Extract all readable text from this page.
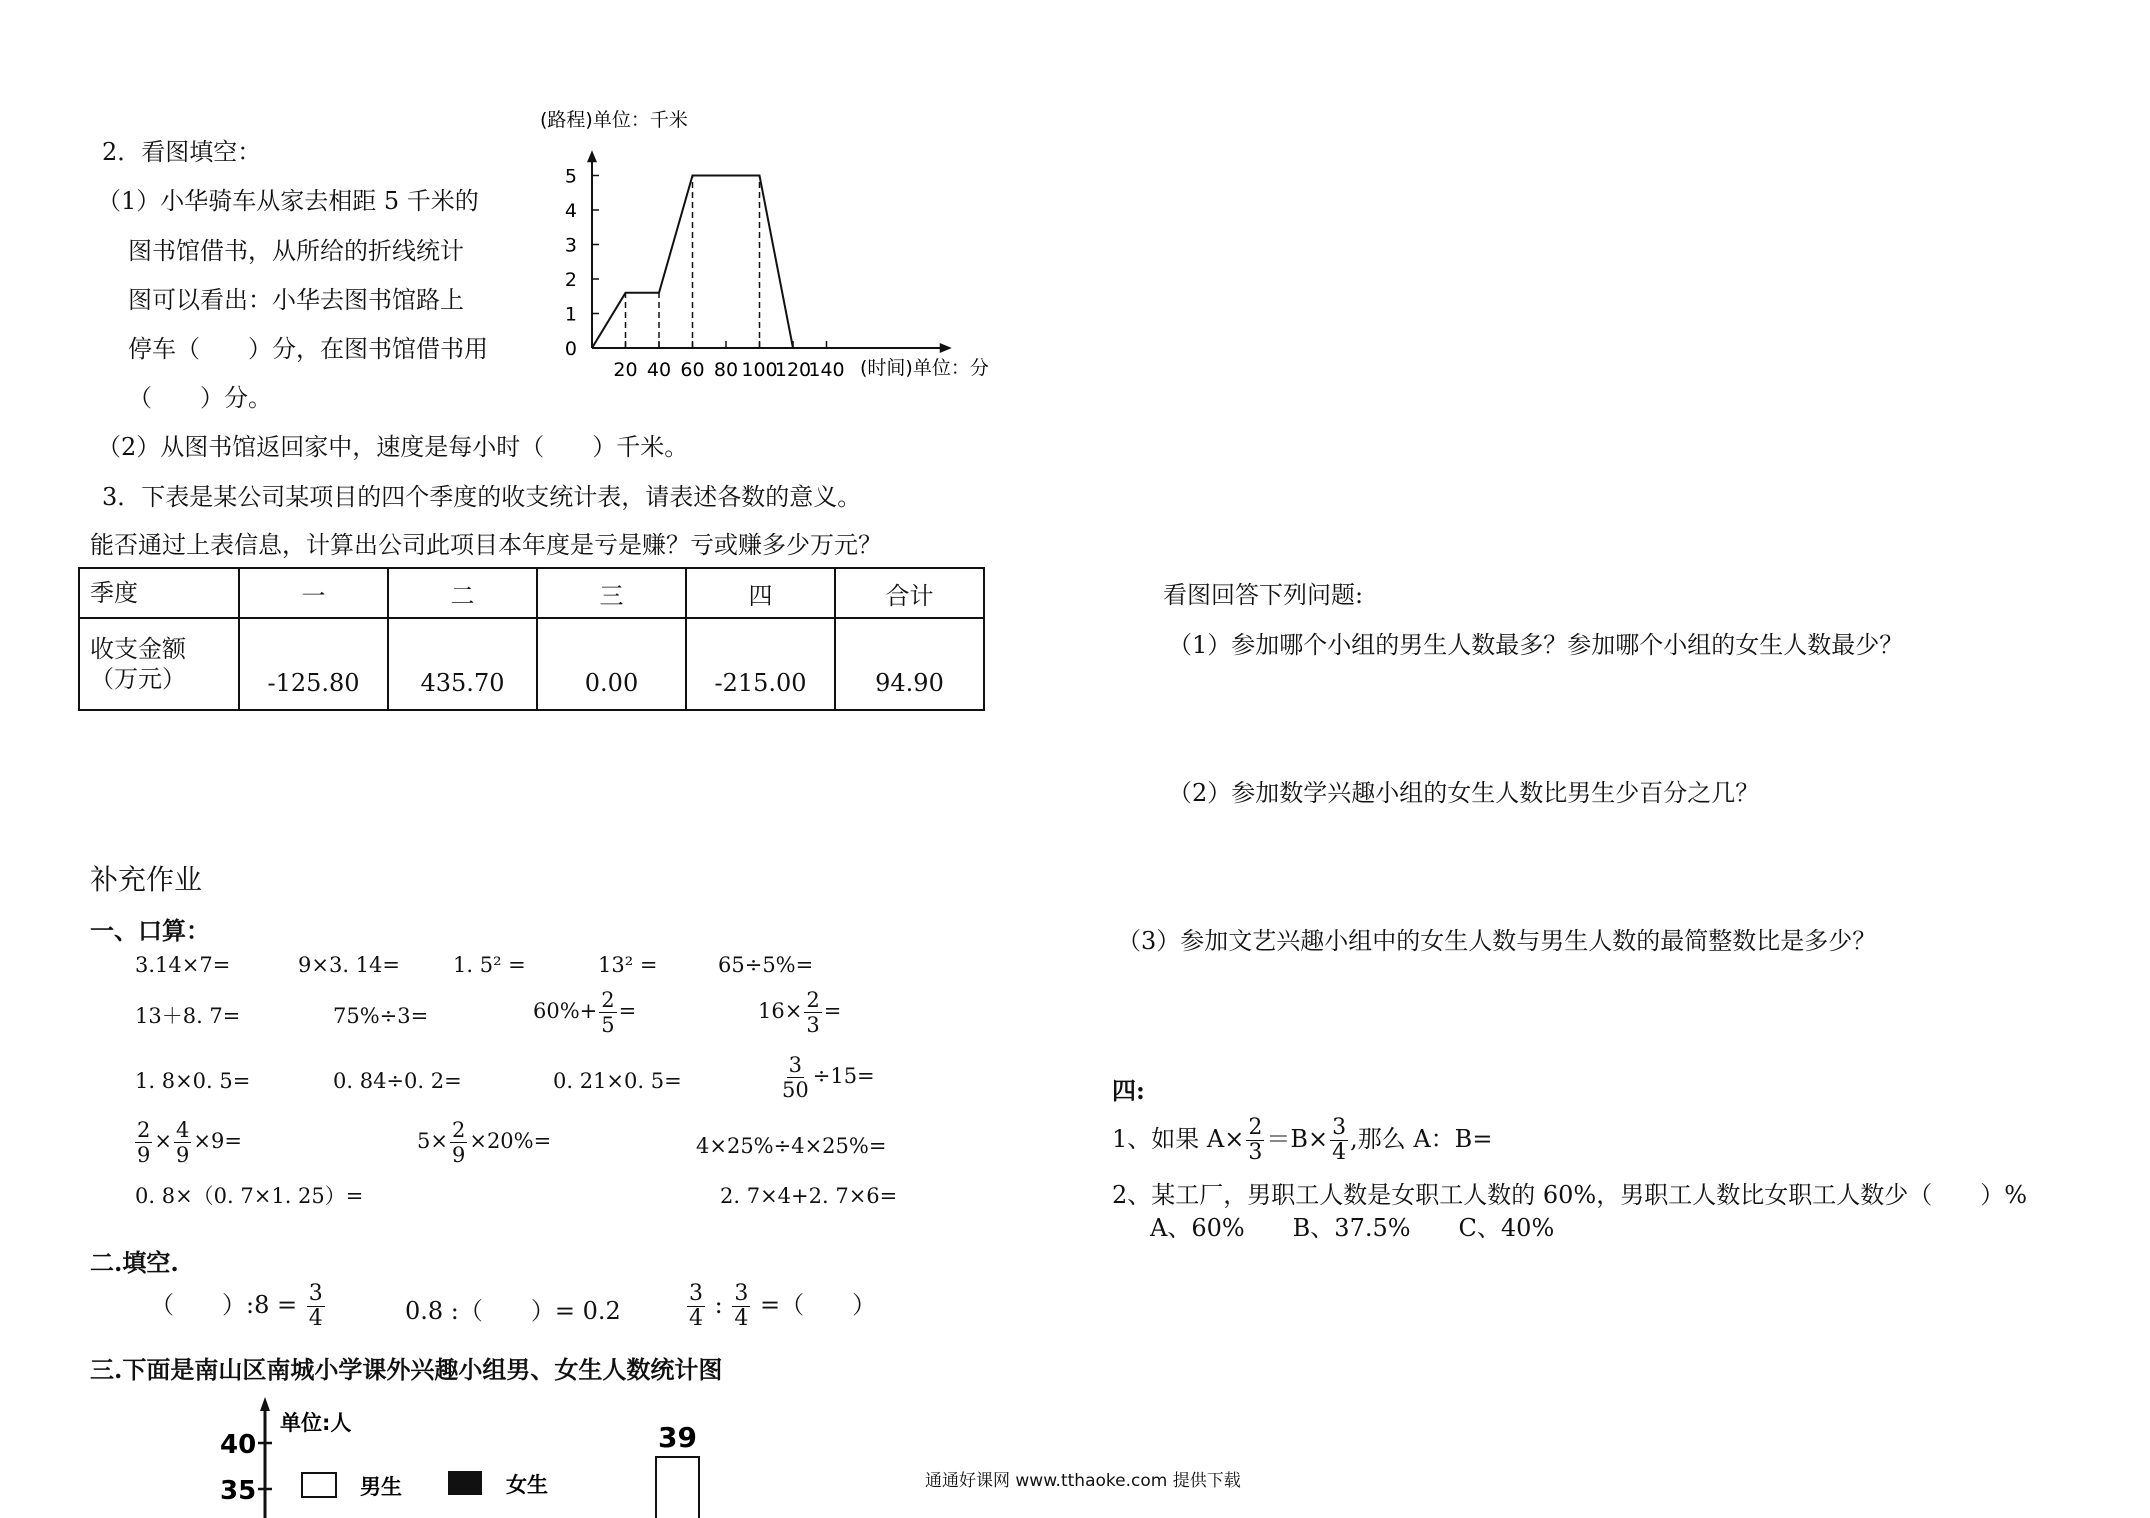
2．看图填空：
（1）小华骑车从家去相距 5 千米的
图书馆借书，从所给的折线统计
图可以看出：小华去图书馆路上
停车（　　）分，在图书馆借书用
（　　）分。
（2）从图书馆返回家中，速度是每小时（　　）千米。
20 40 60 80 100
120
140
0
1
2
3
4
5
(路程)单位：千米
(时间)单位：分
3．下表是某公司某项目的四个季度的收支统计表，请表述各数的意义。
能否通过上表信息，计算出公司此项目本年度是亏是赚？亏或赚多少万元？
季度	一	二	三	四	合计

收支金额
（万元）	-125.80	435.70	0.00	-215.00	94.90
补充作业
一、口算：
3.14×7=	9×3. 14=	1. 5² =	13² =	65÷5%=
13＋8. 7=	75%÷3=	$60\%+ \frac{2}{5}$ =	$16\times \frac{2}{3}$ =
1. 8×0. 5=	0. 84÷0. 2=	0. 21×0. 5=	$\frac{3}{50} \div 15=$
$\frac{2}{9} \times \frac{4}{9} \times 9=$	$5\times \frac{2}{9} \times 20\%=$	4×25%÷4×25%=
0. 8×（0. 7×1. 25）=	2. 7×4+2. 7×6=
二.填空.
（　　）:8 = $\frac{3}{4}$	0.8 :（　　）= 0.2	$\frac{3}{4}$ : $\frac{3}{4}$ =（　　）
三.下面是南山区南城小学课外兴趣小组男、女生人数统计图
40
35
单位:人
男生	女生
39
通通好课网 www.tthaoke.com 提供下载
看图回答下列问题:
（1）参加哪个小组的男生人数最多？参加哪个小组的女生人数最少？
（2）参加数学兴趣小组的女生人数比男生少百分之几？
（3）参加文艺兴趣小组中的女生人数与男生人数的最简整数比是多少？
四:
1、如果 $A\times \frac{2}{3} =B\times \frac{3}{4}$ ,那么 A：B=
2、某工厂，男职工人数是女职工人数的 60%，男职工人数比女职工人数少（　　）%
A、60%　　B、37.5%　　C、40%
